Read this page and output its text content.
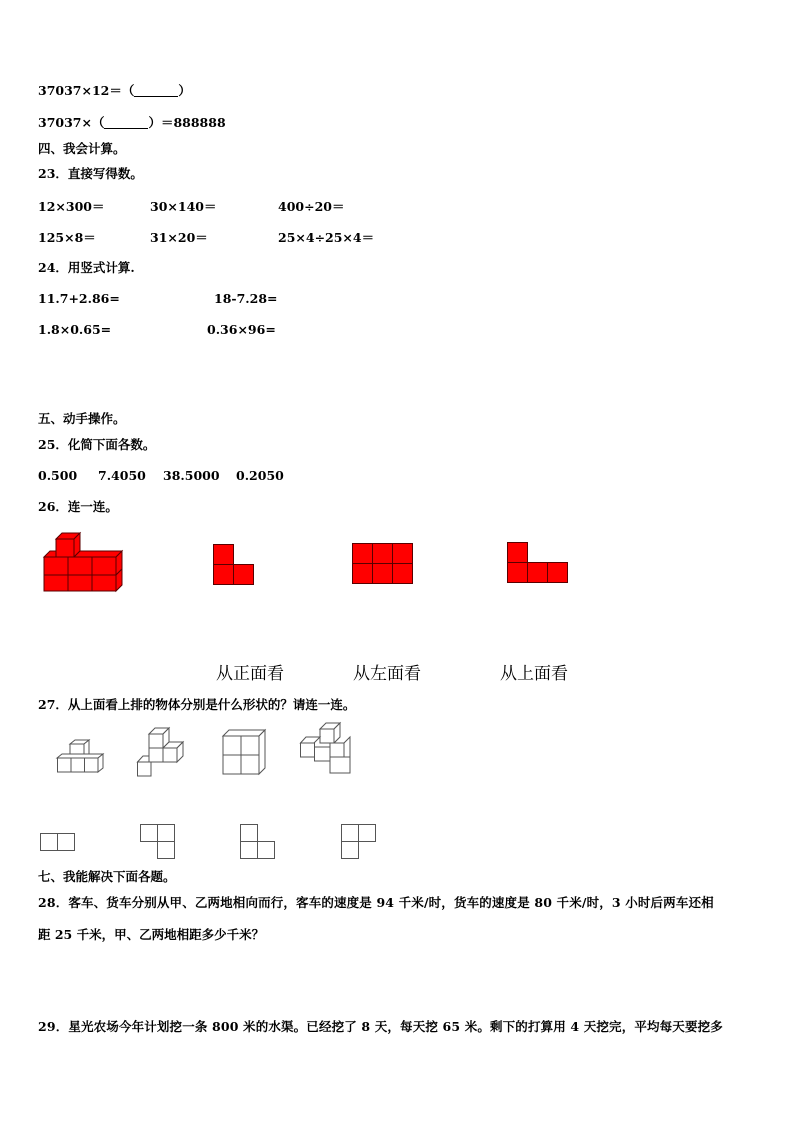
37037×12＝（	）
37037×（	）＝888888
四、我会计算。
23．直接写得数。
12×300＝	30×140＝	400÷20＝
125×8＝	31×20＝	25×4÷25×4＝
24．用竖式计算.
11.7+2.86=	18-7.28=
1.8×0.65=	0.36×96=
五、动手操作。
25．化简下面各数。
0.500 7.4050 38.5000 0.2050
26．连一连。
从正面看	从左面看	从上面看
27．从上面看上排的物体分别是什么形状的？请连一连。
七、我能解决下面各题。
28．客车、货车分别从甲、乙两地相向而行，客车的速度是 94 千米/时，货车的速度是 80 千米/时，3 小时后两车还相
距 25 千米，甲、乙两地相距多少千米？
29．星光农场今年计划挖一条 800 米的水渠。已经挖了 8 天，每天挖 65 米。剩下的打算用 4 天挖完，平均每天要挖多
